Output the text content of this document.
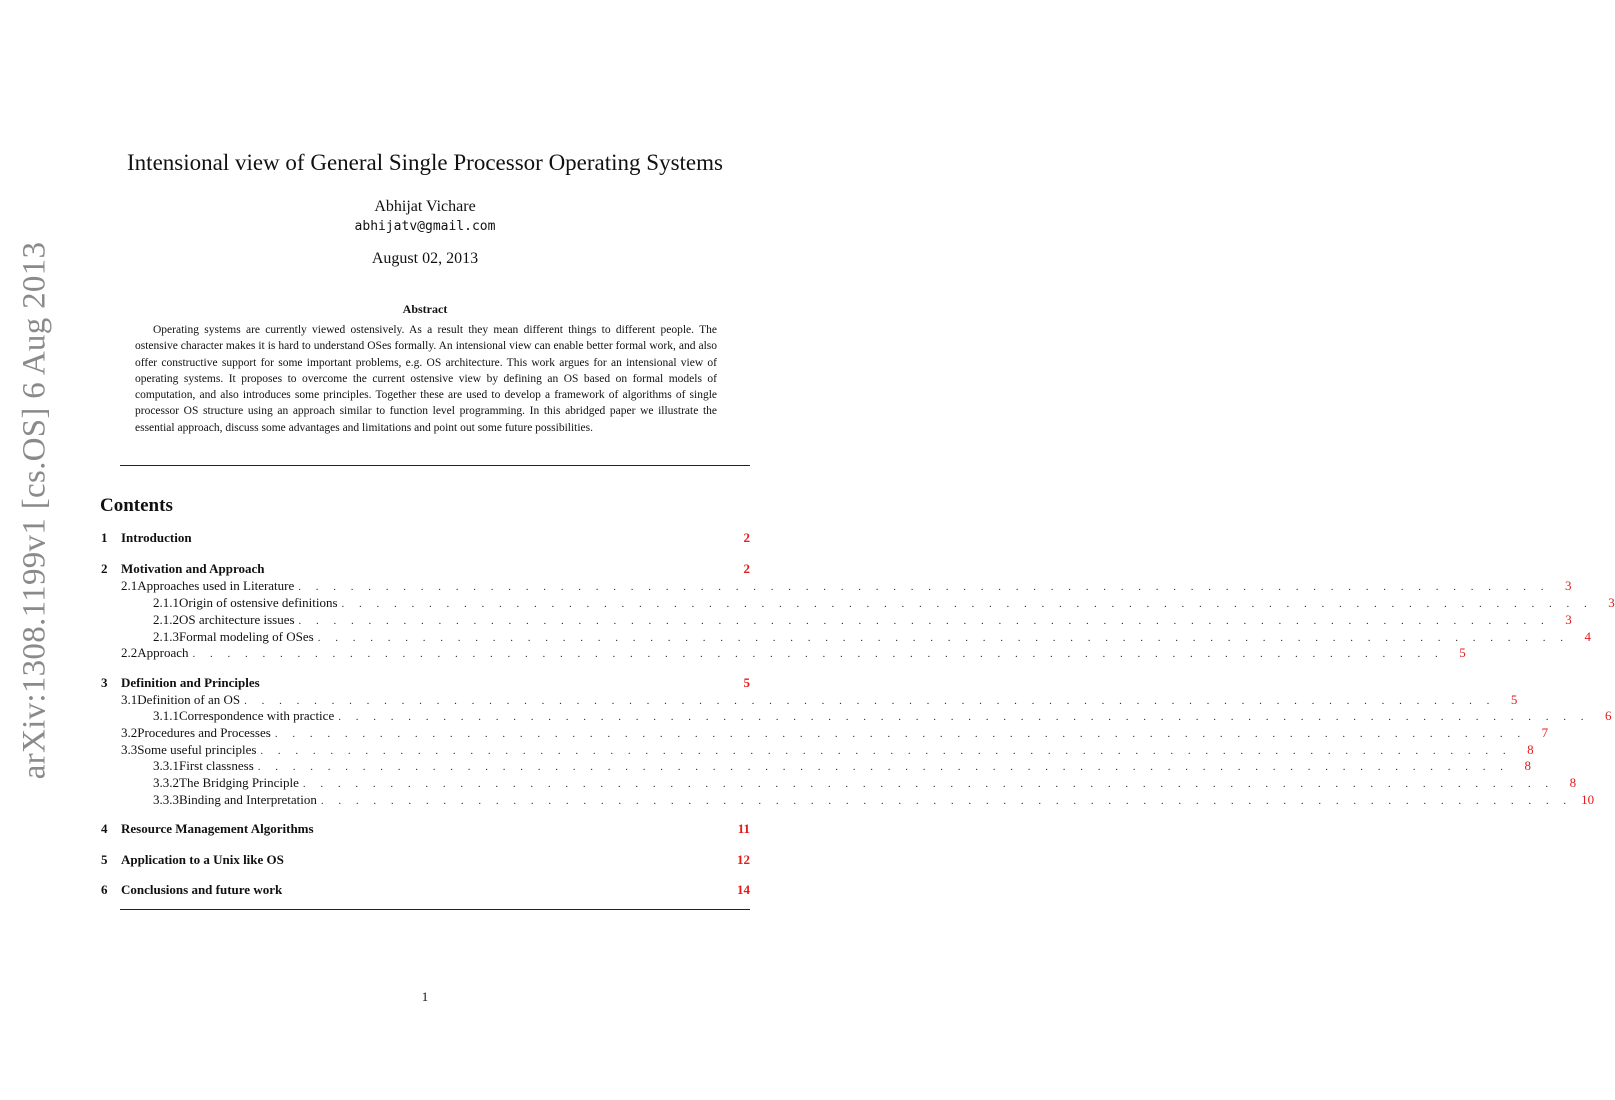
arXiv:1308.1199v1 [cs.OS] 6 Aug 2013
Intensional view of General Single Processor Operating Systems
Abhijat Vichare
abhijatv@gmail.com
August 02, 2013
Abstract
Operating systems are currently viewed ostensively. As a result they mean different things to different people. The ostensive character makes it is hard to understand OSes formally. An intensional view can enable better formal work, and also offer constructive support for some important problems, e.g. OS architecture. This work argues for an intensional view of operating systems. It proposes to overcome the current ostensive view by defining an OS based on formal models of computation, and also introduces some principles. Together these are used to develop a framework of algorithms of single processor OS structure using an approach similar to function level programming. In this abridged paper we illustrate the essential approach, discuss some advantages and limitations and point out some future possibilities.
Contents
1	Introduction	2
2	Motivation and Approach	2
2.1 Approaches used in Literature . . . . . . . . . . . . . . . . . . . . . . . . . . . . . . . . . . . . . . . . . . . . . . . . . . . . . . . . . . . . . . . . . . . . . . . .	3
2.1.1 Origin of ostensive definitions . . . . . . . . . . . . . . . . . . . . . . . . . . . . . . . . . . . . . . . . . . . . . . . . . . . . . . . . . . . . . . . . . . . . . . . .	3
2.1.2 OS architecture issues . . . . . . . . . . . . . . . . . . . . . . . . . . . . . . . . . . . . . . . . . . . . . . . . . . . . . . . . . . . . . . . . . . . . . . . .	3
2.1.3 Formal modeling of OSes . . . . . . . . . . . . . . . . . . . . . . . . . . . . . . . . . . . . . . . . . . . . . . . . . . . . . . . . . . . . . . . . . . . . . . . .	4
2.2 Approach . . . . . . . . . . . . . . . . . . . . . . . . . . . . . . . . . . . . . . . . . . . . . . . . . . . . . . . . . . . . . . . . . . . . . . . .	5
3	Definition and Principles	5
3.1 Definition of an OS . . . . . . . . . . . . . . . . . . . . . . . . . . . . . . . . . . . . . . . . . . . . . . . . . . . . . . . . . . . . . . . . . . . . . . . .	5
3.1.1 Correspondence with practice . . . . . . . . . . . . . . . . . . . . . . . . . . . . . . . . . . . . . . . . . . . . . . . . . . . . . . . . . . . . . . . . . . . . . . . .	6
3.2 Procedures and Processes . . . . . . . . . . . . . . . . . . . . . . . . . . . . . . . . . . . . . . . . . . . . . . . . . . . . . . . . . . . . . . . . . . . . . . . .	7
3.3 Some useful principles . . . . . . . . . . . . . . . . . . . . . . . . . . . . . . . . . . . . . . . . . . . . . . . . . . . . . . . . . . . . . . . . . . . . . . . .	8
3.3.1 First classness . . . . . . . . . . . . . . . . . . . . . . . . . . . . . . . . . . . . . . . . . . . . . . . . . . . . . . . . . . . . . . . . . . . . . . . .	8
3.3.2 The Bridging Principle . . . . . . . . . . . . . . . . . . . . . . . . . . . . . . . . . . . . . . . . . . . . . . . . . . . . . . . . . . . . . . . . . . . . . . . .	8
3.3.3 Binding and Interpretation . . . . . . . . . . . . . . . . . . . . . . . . . . . . . . . . . . . . . . . . . . . . . . . . . . . . . . . . . . . . . . . . . . . . . . . . 10
4	Resource Management Algorithms	11
5	Application to a Unix like OS	12
6	Conclusions and future work	14
1
